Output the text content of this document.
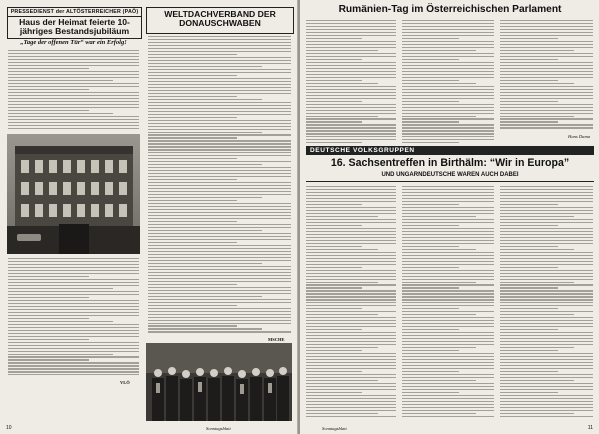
PRESSEDIENST der ALTÖSTERREICHER (PAÖ)
Haus der Heimat feierte 10-jähriges Bestandsjubiläum
„Tage der offenen Tür“ war ein Erfolg!
VLÖ
WELTDACHVERBAND DER
DONAUSCHWABEN
MSCHE
10	Sonntagsblatt
Rumänien-Tag im Österreichischen Parlament
Hans Dama
DEUTSCHE VOLKSGRUPPEN
16. Sachsentreffen in Birthälm: “Wir in Europa”
UND UNGARNDEUTSCHE WAREN AUCH DABEI
Sonntagsblatt	11
